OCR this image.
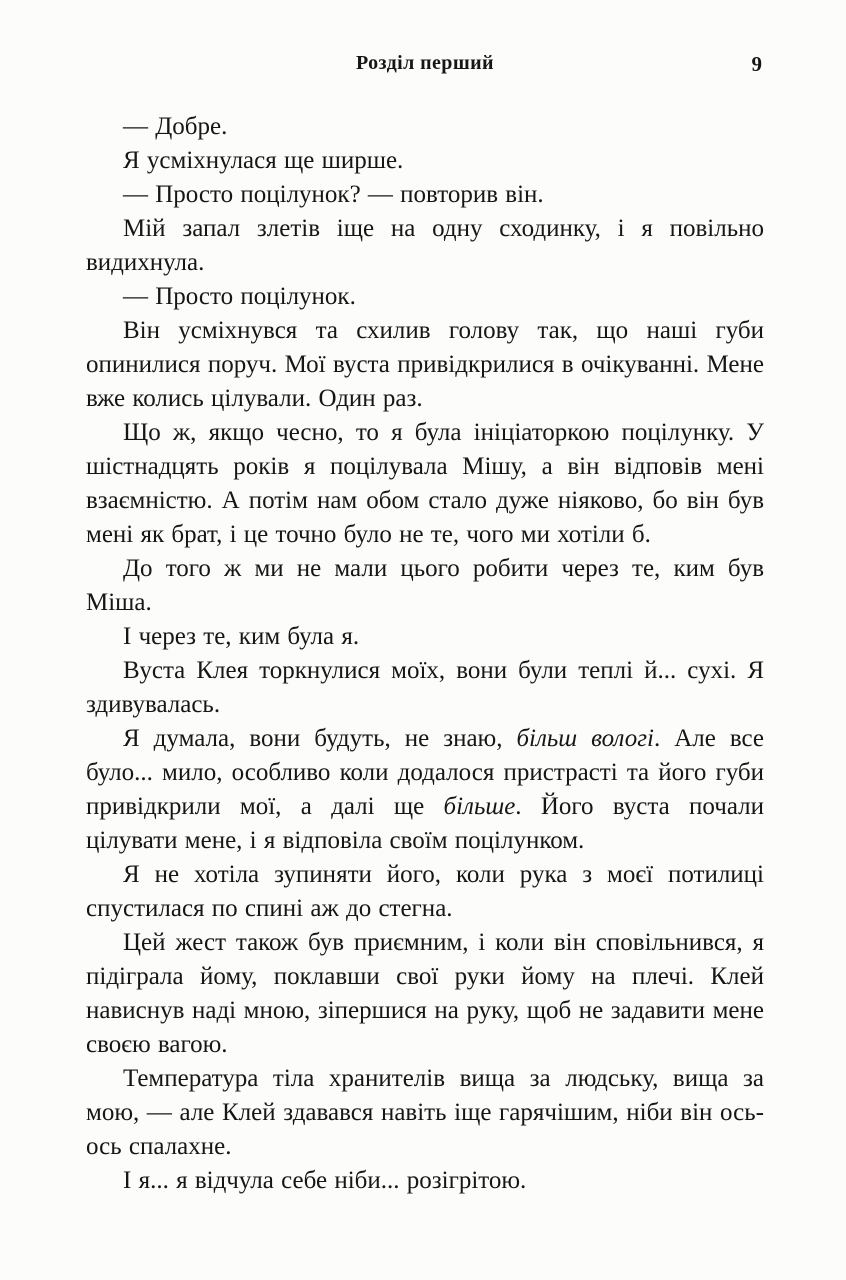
Розділ перший	9

— Добре.

Я усміхнулася ще ширше.

— Просто поцілунок? — повторив він.

Мій запал злетів іще на одну сходинку, і я повільно видихнула.

— Просто поцілунок.

Він усміхнувся та схилив голову так, що наші губи опинилися поруч. Мої вуста привідкрилися в очікуванні. Мене вже колись цілували. Один раз.

Що ж, якщо чесно, то я була ініціаторкою поцілунку. У шістнадцять років я поцілувала Мішу, а він відповів мені взаємністю. А потім нам обом стало дуже ніяково, бо він був мені як брат, і це точно було не те, чого ми хотіли б.

До того ж ми не мали цього робити через те, ким був Міша.

І через те, ким була я.

Вуста Клея торкнулися моїх, вони були теплі й... сухі. Я здивувалась.

Я думала, вони будуть, не знаю, більш вологі. Але все було... мило, особливо коли додалося пристрасті та його губи привідкрили мої, а далі ще більше. Його вуста почали цілувати мене, і я відповіла своїм поцілунком.

Я не хотіла зупиняти його, коли рука з моєї потилиці спустилася по спині аж до стегна.

Цей жест також був приємним, і коли він сповільнився, я підіграла йому, поклавши свої руки йому на плечі. Клей нависнув наді мною, зіпершися на руку, щоб не задавити мене своєю вагою.

Температура тіла хранителів вища за людську, вища за мою, — але Клей здавався навіть іще гарячішим, ніби він ось-ось спалахне.

І я... я відчула себе ніби... розігрітою.
